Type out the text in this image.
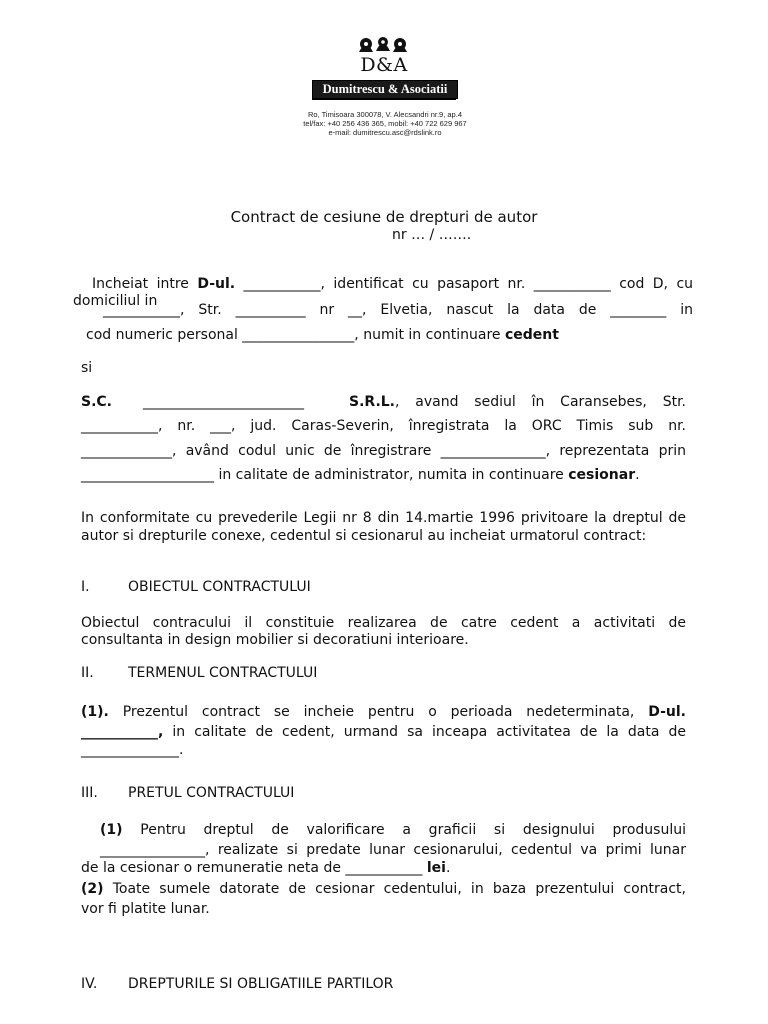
D&A
Dumitrescu & Asociatii
Ro, Timisoara 300078, V. Alecsandri nr.9, ap.4
tel/fax: +40 256 436 365, mobil: +40 722 629 967
e-mail: dumitrescu.asc@rdslink.ro
Contract de cesiune de drepturi de autor
nr … / …….
Incheiat intre D-ul. ___________, identificat cu pasaport nr. ___________ cod D, cu
domiciliul in
___________, Str. __________ nr __, Elvetia, nascut la data de ________ in
cod numeric personal ________________, numit in continuare cedent
si
S.C. _______________________	S.R.L., avand sediul în Caransebes, Str.
___________, nr. ___, jud. Caras-Severin, înregistrata la ORC Timis sub nr.
_____________, având codul unic de înregistrare _______________, reprezentata prin
___________________ in calitate de administrator, numita in continuare cesionar.
In conformitate cu prevederile Legii nr 8 din 14.martie 1996 privitoare la dreptul de
autor si drepturile conexe, cedentul si cesionarul au incheiat urmatorul contract:
I.	OBIECTUL CONTRACTULUI
Obiectul contracului il constituie realizarea de catre cedent a activitati de
consultanta in design mobilier si decoratiuni interioare.
II. TERMENUL CONTRACTULUI
(1). Prezentul contract se incheie pentru o perioada nedeterminata, D-ul.
___________, in calitate de cedent, urmand sa inceapa activitatea de la data de
______________.
III. PRETUL CONTRACTULUI
(1) Pentru dreptul de valorificare a graficii si designului produsului
_______________, realizate si predate lunar cesionarului, cedentul va primi lunar
de la cesionar o remuneratie neta de ___________ lei.
(2) Toate sumele datorate de cesionar cedentului, in baza prezentului contract,
vor fi platite lunar.
IV. DREPTURILE SI OBLIGATIILE PARTILOR
